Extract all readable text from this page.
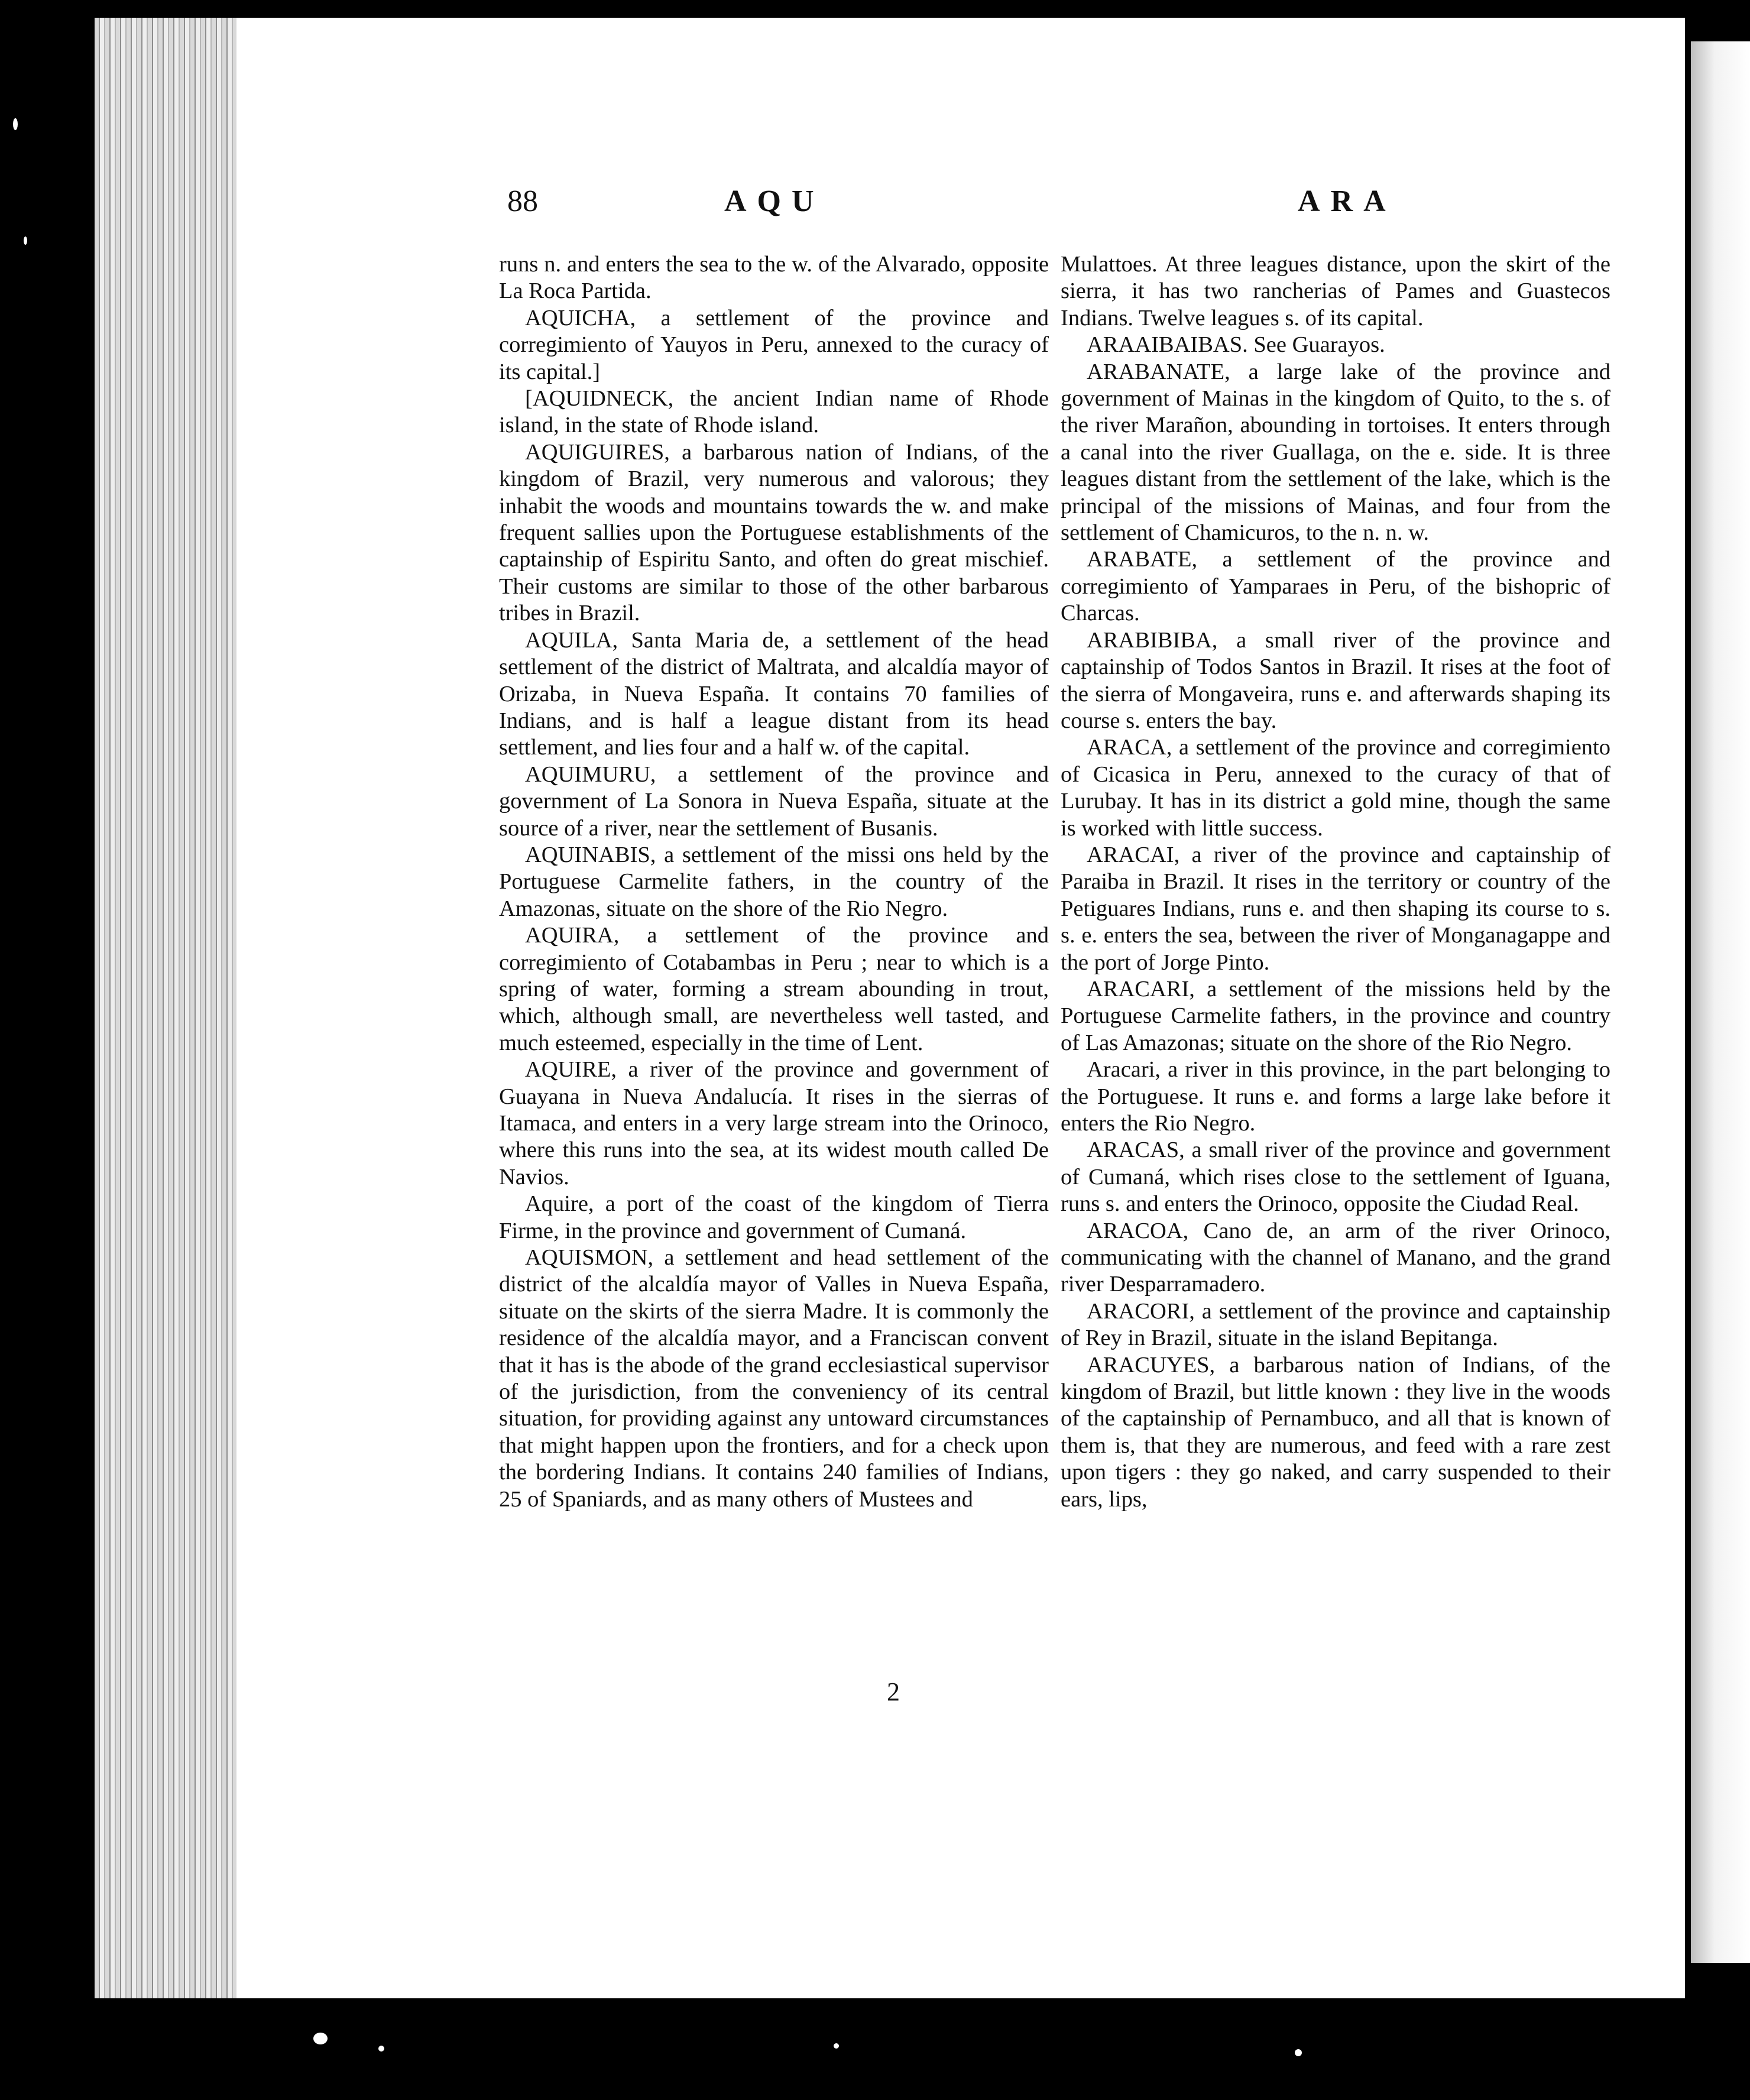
88	AQU	ARA

runs n. and enters the sea to the w. of the Alvarado, opposite La Roca Partida.

AQUICHA, a settlement of the province and corregimiento of Yauyos in Peru, annexed to the curacy of its capital.]

[AQUIDNECK, the ancient Indian name of Rhode island, in the state of Rhode island.

AQUIGUIRES, a barbarous nation of Indians, of the kingdom of Brazil, very numerous and valorous; they inhabit the woods and mountains towards the w. and make frequent sallies upon the Portuguese establishments of the captainship of Espiritu Santo, and often do great mischief. Their customs are similar to those of the other barbarous tribes in Brazil.

AQUILA, Santa Maria de, a settlement of the head settlement of the district of Maltrata, and alcaldía mayor of Orizaba, in Nueva España. It contains 70 families of Indians, and is half a league distant from its head settlement, and lies four and a half w. of the capital.

AQUIMURU, a settlement of the province and government of La Sonora in Nueva España, situate at the source of a river, near the settlement of Busanis.

AQUINABIS, a settlement of the missi ons held by the Portuguese Carmelite fathers, in the country of the Amazonas, situate on the shore of the Rio Negro.

AQUIRA, a settlement of the province and corregimiento of Cotabambas in Peru ; near to which is a spring of water, forming a stream abounding in trout, which, although small, are nevertheless well tasted, and much esteemed, especially in the time of Lent.

AQUIRE, a river of the province and government of Guayana in Nueva Andalucía. It rises in the sierras of Itamaca, and enters in a very large stream into the Orinoco, where this runs into the sea, at its widest mouth called De Navios.

Aquire, a port of the coast of the kingdom of Tierra Firme, in the province and government of Cumaná.

AQUISMON, a settlement and head settlement of the district of the alcaldía mayor of Valles in Nueva España, situate on the skirts of the sierra Madre. It is commonly the residence of the alcaldía mayor, and a Franciscan convent that it has is the abode of the grand ecclesiastical supervisor of the jurisdiction, from the conveniency of its central situation, for providing against any untoward circumstances that might happen upon the frontiers, and for a check upon the bordering Indians. It contains 240 families of Indians, 25 of Spaniards, and as many others of Mustees and

Mulattoes. At three leagues distance, upon the skirt of the sierra, it has two rancherias of Pames and Guastecos Indians. Twelve leagues s. of its capital.

ARAAIBAIBAS. See Guarayos.

ARABANATE, a large lake of the province and government of Mainas in the kingdom of Quito, to the s. of the river Marañon, abounding in tortoises. It enters through a canal into the river Guallaga, on the e. side. It is three leagues distant from the settlement of the lake, which is the principal of the missions of Mainas, and four from the settlement of Chamicuros, to the n. n. w.

ARABATE, a settlement of the province and corregimiento of Yamparaes in Peru, of the bishopric of Charcas.

ARABIBIBA, a small river of the province and captainship of Todos Santos in Brazil. It rises at the foot of the sierra of Mongaveira, runs e. and afterwards shaping its course s. enters the bay.

ARACA, a settlement of the province and corregimiento of Cicasica in Peru, annexed to the curacy of that of Lurubay. It has in its district a gold mine, though the same is worked with little success.

ARACAI, a river of the province and captainship of Paraiba in Brazil. It rises in the territory or country of the Petiguares Indians, runs e. and then shaping its course to s. s. e. enters the sea, between the river of Monganagappe and the port of Jorge Pinto.

ARACARI, a settlement of the missions held by the Portuguese Carmelite fathers, in the province and country of Las Amazonas; situate on the shore of the Rio Negro.

Aracari, a river in this province, in the part belonging to the Portuguese. It runs e. and forms a large lake before it enters the Rio Negro.

ARACAS, a small river of the province and government of Cumaná, which rises close to the settlement of Iguana, runs s. and enters the Orinoco, opposite the Ciudad Real.

ARACOA, Cano de, an arm of the river Orinoco, communicating with the channel of Manano, and the grand river Desparramadero.

ARACORI, a settlement of the province and captainship of Rey in Brazil, situate in the island Bepitanga.

ARACUYES, a barbarous nation of Indians, of the kingdom of Brazil, but little known : they live in the woods of the captainship of Pernambuco, and all that is known of them is, that they are numerous, and feed with a rare zest upon tigers : they go naked, and carry suspended to their ears, lips,

2
